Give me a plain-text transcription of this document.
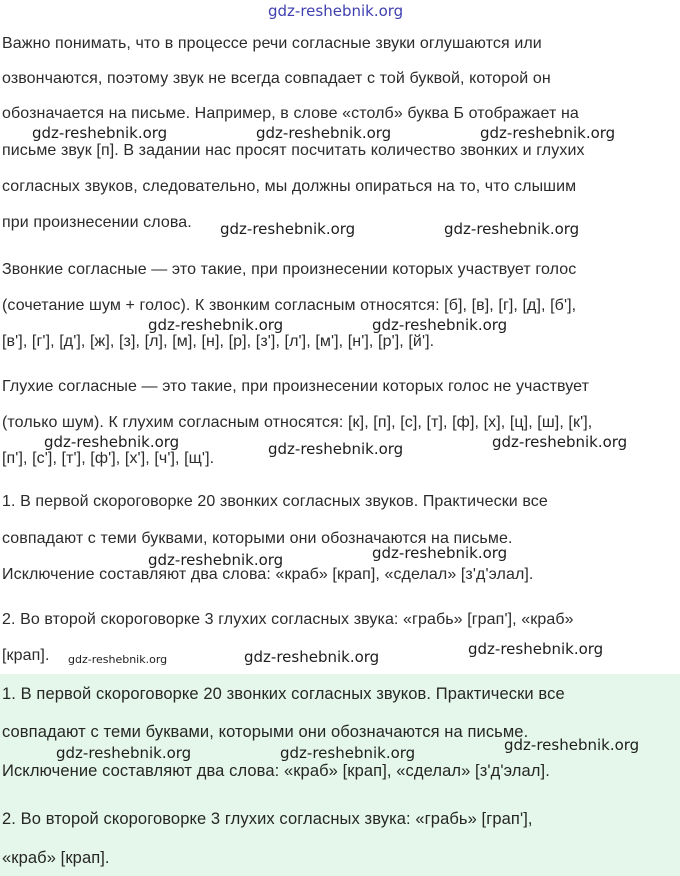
gdz-reshebnik.org
Важно понимать, что в процессе речи согласные звуки оглушаются или
озвончаются, поэтому звук не всегда совпадает с той буквой, которой он
обозначается на письме. Например, в слове «столб» буква Б отображает на
письме звук [п]. В задании нас просят посчитать количество звонких и глухих
согласных звуков, следовательно, мы должны опираться на то, что слышим
при произнесении слова.
Звонкие согласные — это такие, при произнесении которых участвует голос
(сочетание шум + голос). К звонким согласным относятся: [б], [в], [г], [д], [б'],
[в'], [г'], [д'], [ж], [з], [л], [м], [н], [р], [з'], [л'], [м'], [н'], [р'], [й'].
Глухие согласные — это такие, при произнесении которых голос не участвует
(только шум). К глухим согласным относятся: [к], [п], [с], [т], [ф], [х], [ц], [ш], [к'],
[п'], [с'], [т'], [ф'], [х'], [ч'], [щ'].
1. В первой скороговорке 20 звонких согласных звуков. Практически все
совпадают с теми буквами, которыми они обозначаются на письме.
Исключение составляют два слова: «краб» [крап], «сделал» [з'д'элал].
2. Во второй скороговорке 3 глухих согласных звука: «грабь» [грап'], «краб»
[крап].
1. В первой скороговорке 20 звонких согласных звуков. Практически все
совпадают с теми буквами, которыми они обозначаются на письме.
Исключение составляют два слова: «краб» [крап], «сделал» [з'д'элал].
2. Во второй скороговорке 3 глухих согласных звука: «грабь» [грап'],
«краб» [крап].
gdz-reshebnik.org	gdz-reshebnik.org	gdz-reshebnik.org
gdz-reshebnik.org	gdz-reshebnik.org
gdz-reshebnik.org	gdz-reshebnik.org
gdz-reshebnik.org	gdz-reshebnik.org	gdz-reshebnik.org
gdz-reshebnik.org	gdz-reshebnik.org
gdz-reshebnik.org	gdz-reshebnik.org	gdz-reshebnik.org
gdz-reshebnik.org	gdz-reshebnik.org	gdz-reshebnik.org
